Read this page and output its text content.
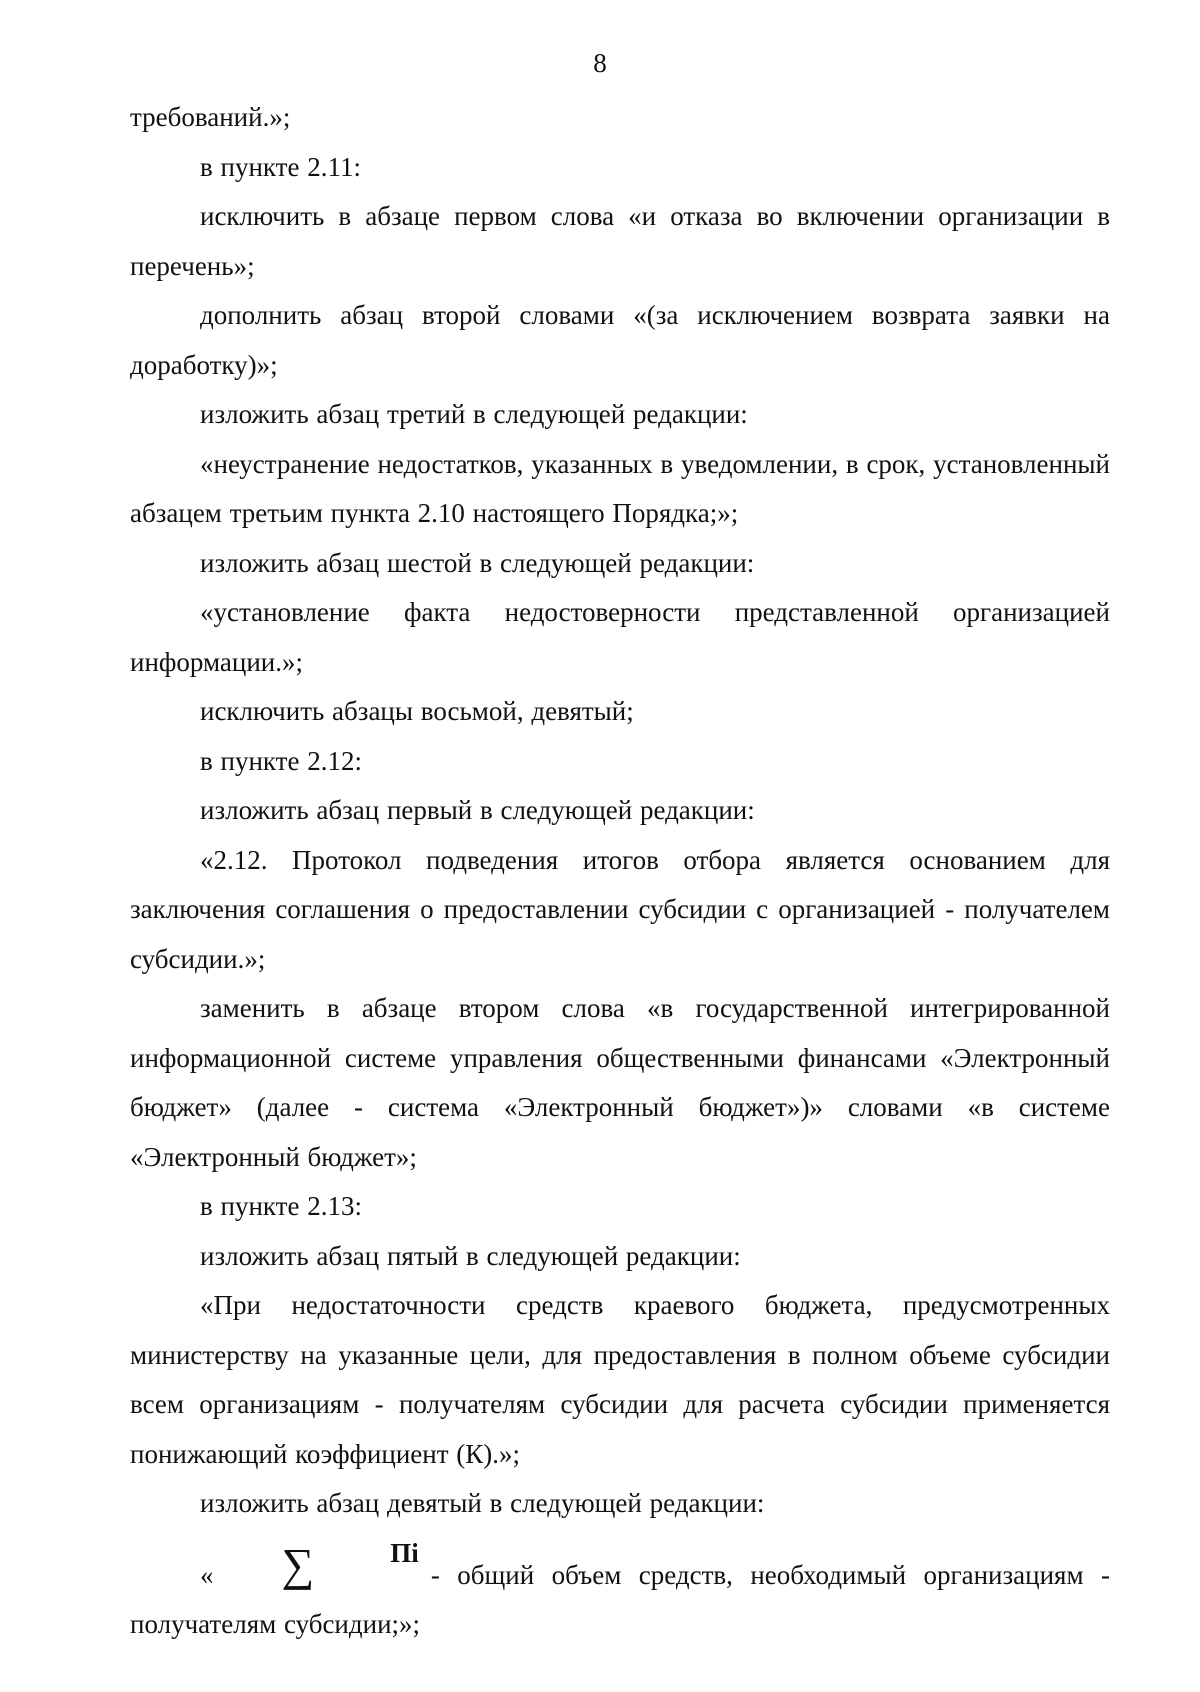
8

требований.»;

в пункте 2.11:

исключить в абзаце первом слова «и отказа во включении организации в перечень»;

дополнить абзац второй словами «(за исключением возврата заявки на доработку)»;

изложить абзац третий в следующей редакции:

«неустранение недостатков, указанных в уведомлении, в срок, установленный абзацем третьим пункта 2.10 настоящего Порядка;»;

изложить абзац шестой в следующей редакции:

«установление факта недостоверности представленной организацией информации.»;

исключить абзацы восьмой, девятый;

в пункте 2.12:

изложить абзац первый в следующей редакции:

«2.12. Протокол подведения итогов отбора является основанием для заключения соглашения о предоставлении субсидии с организацией - получателем субсидии.»;

заменить в абзаце втором слова «в государственной интегрированной информационной системе управления общественными финансами «Электронный бюджет» (далее - система «Электронный бюджет»)» словами «в системе «Электронный бюджет»;

в пункте 2.13:

изложить абзац пятый в следующей редакции:

«При недостаточности средств краевого бюджета, предусмотренных министерству на указанные цели, для предоставления в полном объеме субсидии всем организациям - получателям субсидии для расчета субсидии применяется понижающий коэффициент (К).»;

изложить абзац девятый в следующей редакции:

« ∑	Пi- общий объем средств, необходимый организациям - получателям субсидии;»;
